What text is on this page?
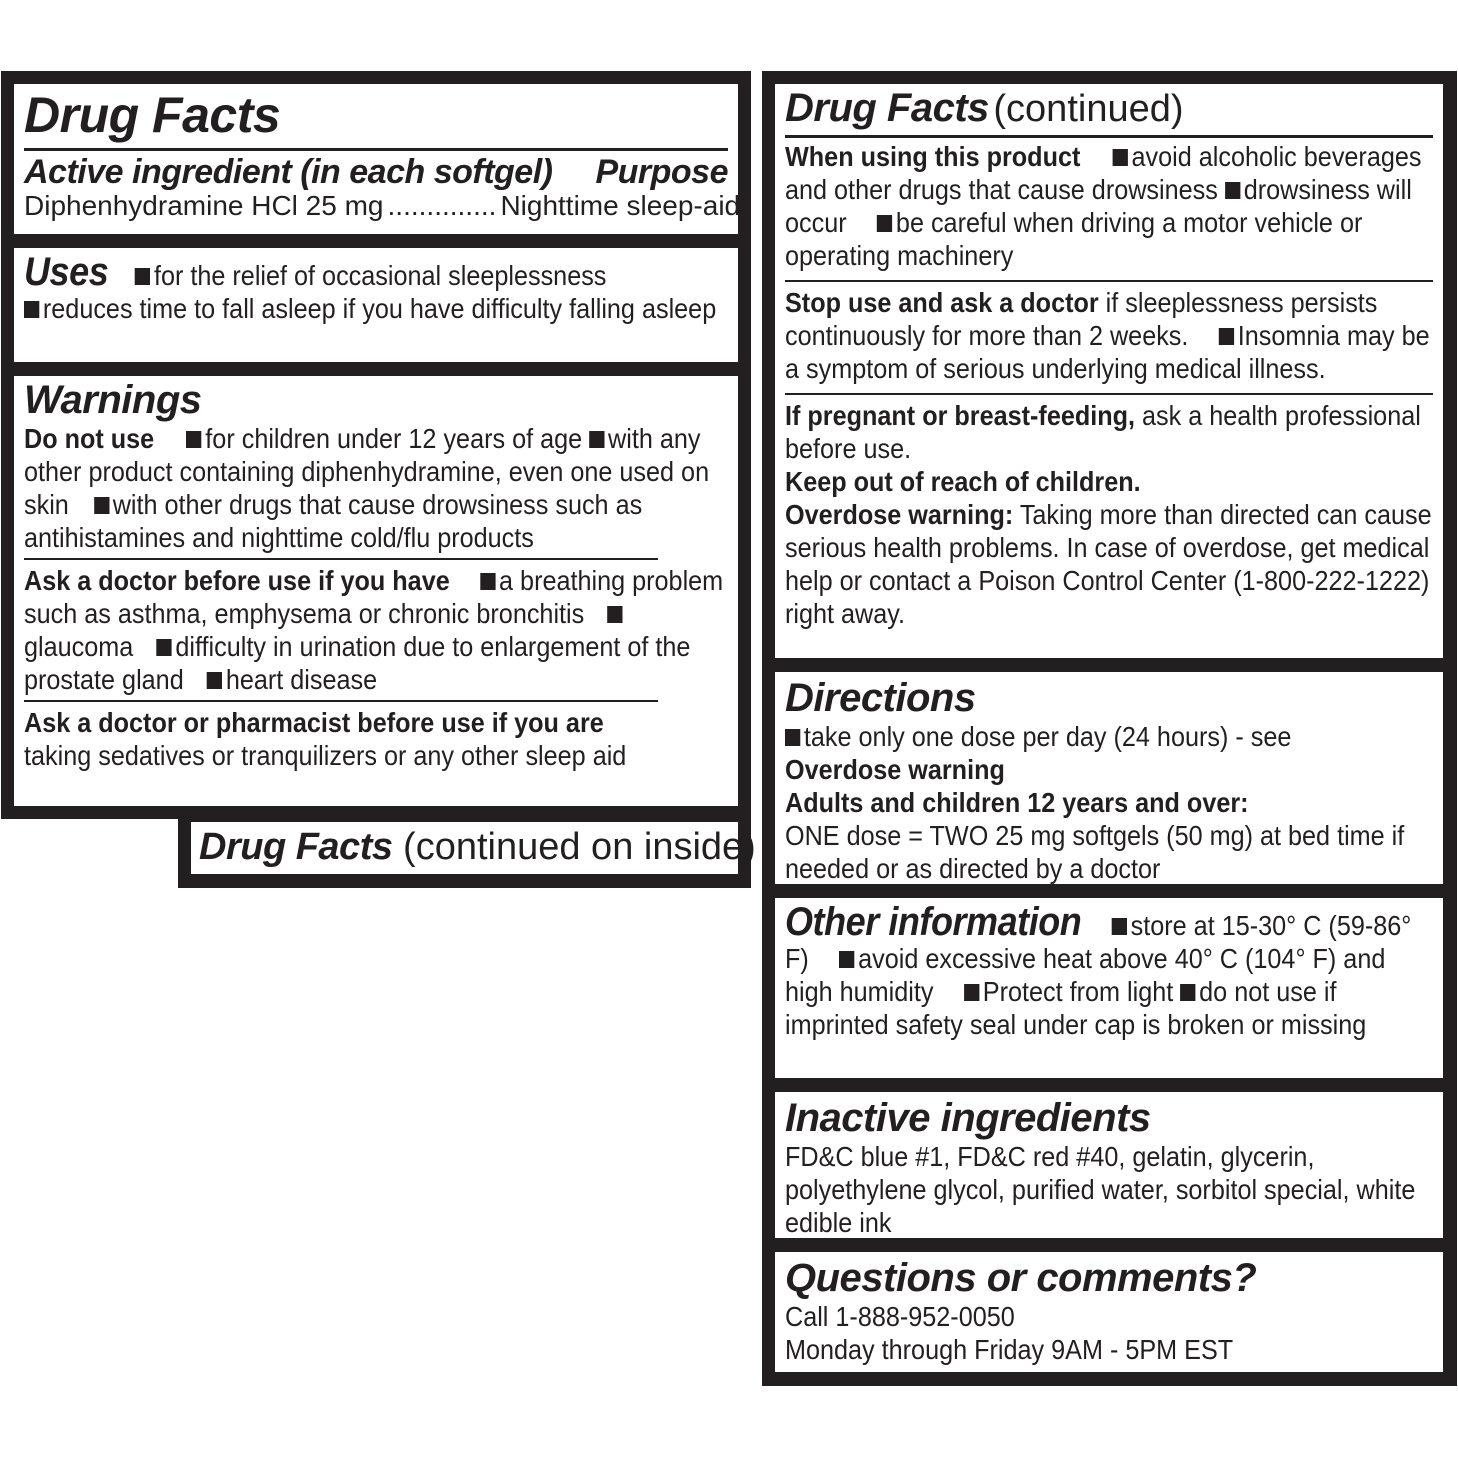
Drug Facts
Active ingredient (in each softgel) Purpose
Diphenhydramine HCl 25 mg .............. Nighttime sleep-aid
Uses for the relief of occasional sleeplessness
reduces time to fall asleep if you have difficulty falling asleep
Warnings
Do not use for children under 12 years of age with any other product containing diphenhydramine, even one used on skin with other drugs that cause drowsiness such as antihistamines and nighttime cold/flu products
Ask a doctor before use if you have a breathing problem such as asthma, emphysema or chronic bronchitis glaucoma difficulty in urination due to enlargement of the prostate gland heart disease
Ask a doctor or pharmacist before use if you are
taking sedatives or tranquilizers or any other sleep aid
Drug Facts (continued on inside)
Drug Facts (continued)
When using this product avoid alcoholic beverages and other drugs that cause drowsiness drowsiness will occur be careful when driving a motor vehicle or operating machinery
Stop use and ask a doctor if sleeplessness persists continuously for more than 2 weeks. Insomnia may be a symptom of serious underlying medical illness.
If pregnant or breast-feeding, ask a health professional before use.
Keep out of reach of children.
Overdose warning: Taking more than directed can cause serious health problems. In case of overdose, get medical help or contact a Poison Control Center (1-800-222-1222) right away.
Directions
take only one dose per day (24 hours) - see
Overdose warning
Adults and children 12 years and over:
ONE dose = TWO 25 mg softgels (50 mg) at bed time if needed or as directed by a doctor
Other information store at 15-30° C (59-86° F) avoid excessive heat above 40° C (104° F) and high humidity Protect from light do not use if imprinted safety seal under cap is broken or missing
Inactive ingredients
FD&C blue #1, FD&C red #40, gelatin, glycerin, polyethylene glycol, purified water, sorbitol special, white edible ink
Questions or comments?
Call 1-888-952-0050
Monday through Friday 9AM - 5PM EST
